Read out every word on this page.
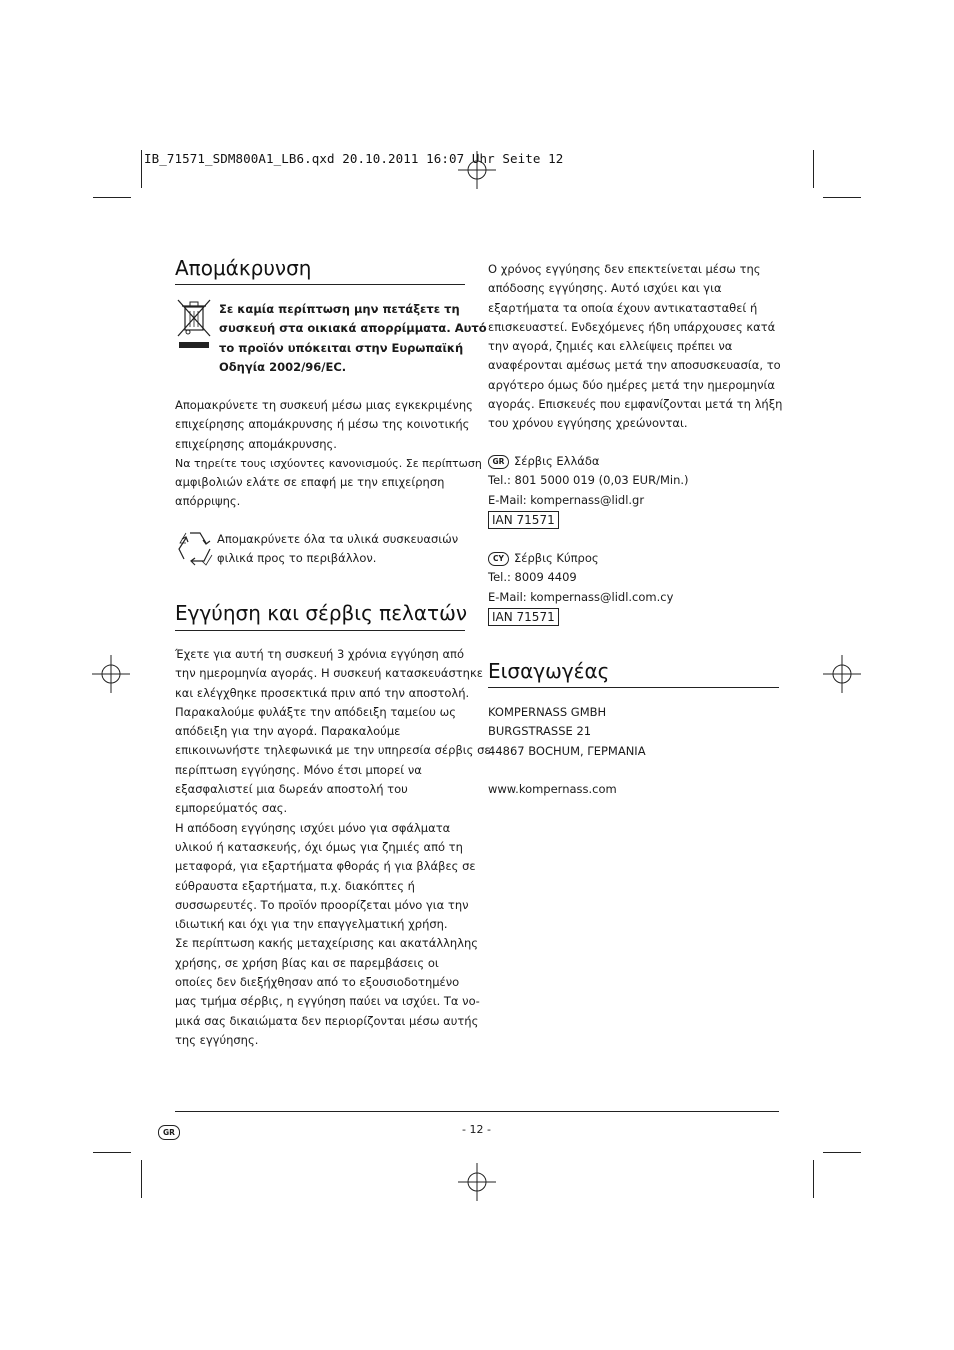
IB_71571_SDM800A1_LB6.qxd 20.10.2011 16:07 Uhr Seite 12
Απομάκρυνση
Σε καμία περίπτωση μην πετάξετε τη
συσκευή στα οικιακά απορρίμματα. Αυτό
το προϊόν υπόκειται στην Ευρωπαϊκή
Οδηγία 2002/96/EC.
Απομακρύνετε τη συσκευή μέσω μιας εγκεκριμένης
επιχείρησης απομάκρυνσης ή μέσω της κοινοτικής
επιχείρησης απομάκρυνσης.
Να τηρείτε τους ισχύοντες κανονισμούς. Σε περίπτωση
αμφιβολιών ελάτε σε επαφή με την επιχείρηση
απόρριψης.
Απομακρύνετε όλα τα υλικά συσκευασιών
φιλικά προς το περιβάλλον.
Εγγύηση και σέρβις πελατών
Έχετε για αυτή τη συσκευή 3 χρόνια εγγύηση από
την ημερομηνία αγοράς. Η συσκευή κατασκευάστηκε
και ελέγχθηκε προσεκτικά πριν από την αποστολή.
Παρακαλούμε φυλάξτε την απόδειξη ταμείου ως
απόδειξη για την αγορά. Παρακαλούμε
επικοινωνήστε τηλεφωνικά με την υπηρεσία σέρβις σε
περίπτωση εγγύησης. Μόνο έτσι μπορεί να
εξασφαλιστεί μια δωρεάν αποστολή του
εμπορεύματός σας.
Η απόδοση εγγύησης ισχύει μόνο για σφάλματα
υλικού ή κατασκευής, όχι όμως για ζημιές από τη
μεταφορά, για εξαρτήματα φθοράς ή για βλάβες σε
εύθραυστα εξαρτήματα, π.χ. διακόπτες ή
συσσωρευτές. Το προϊόν προορίζεται μόνο για την
ιδιωτική και όχι για την επαγγελματική χρήση.
Σε περίπτωση κακής μεταχείρισης και ακατάλληλης
χρήσης, σε χρήση βίας και σε παρεμβάσεις οι
οποίες δεν διεξήχθησαν από το εξουσιοδοτημένο
μας τμήμα σέρβις, η εγγύηση παύει να ισχύει. Τα νο-
μικά σας δικαιώματα δεν περιορίζονται μέσω αυτής
της εγγύησης.
Ο χρόνος εγγύησης δεν επεκτείνεται μέσω της
απόδοσης εγγύησης. Αυτό ισχύει και για
εξαρτήματα τα οποία έχουν αντικατασταθεί ή
επισκευαστεί. Ενδεχόμενες ήδη υπάρχουσες κατά
την αγορά, ζημιές και ελλείψεις πρέπει να
αναφέρονται αμέσως μετά την αποσυσκευασία, το
αργότερο όμως δύο ημέρες μετά την ημερομηνία
αγοράς. Επισκευές που εμφανίζονται μετά τη λήξη
του χρόνου εγγύησης χρεώνονται.
GR Σέρβις Ελλάδα
Tel.: 801 5000 019 (0,03 EUR/Min.)
E-Mail: kompernass@lidl.gr
IAN 71571
CY Σέρβις Κύπρος
Tel.: 8009 4409
E-Mail: kompernass@lidl.com.cy
IAN 71571
Εισαγωγέας
KOMPERNASS GMBH
BURGSTRASSE 21
44867 BOCHUM, ΓΕΡΜΑΝΙΑ
www.kompernass.com
GR	- 12 -
